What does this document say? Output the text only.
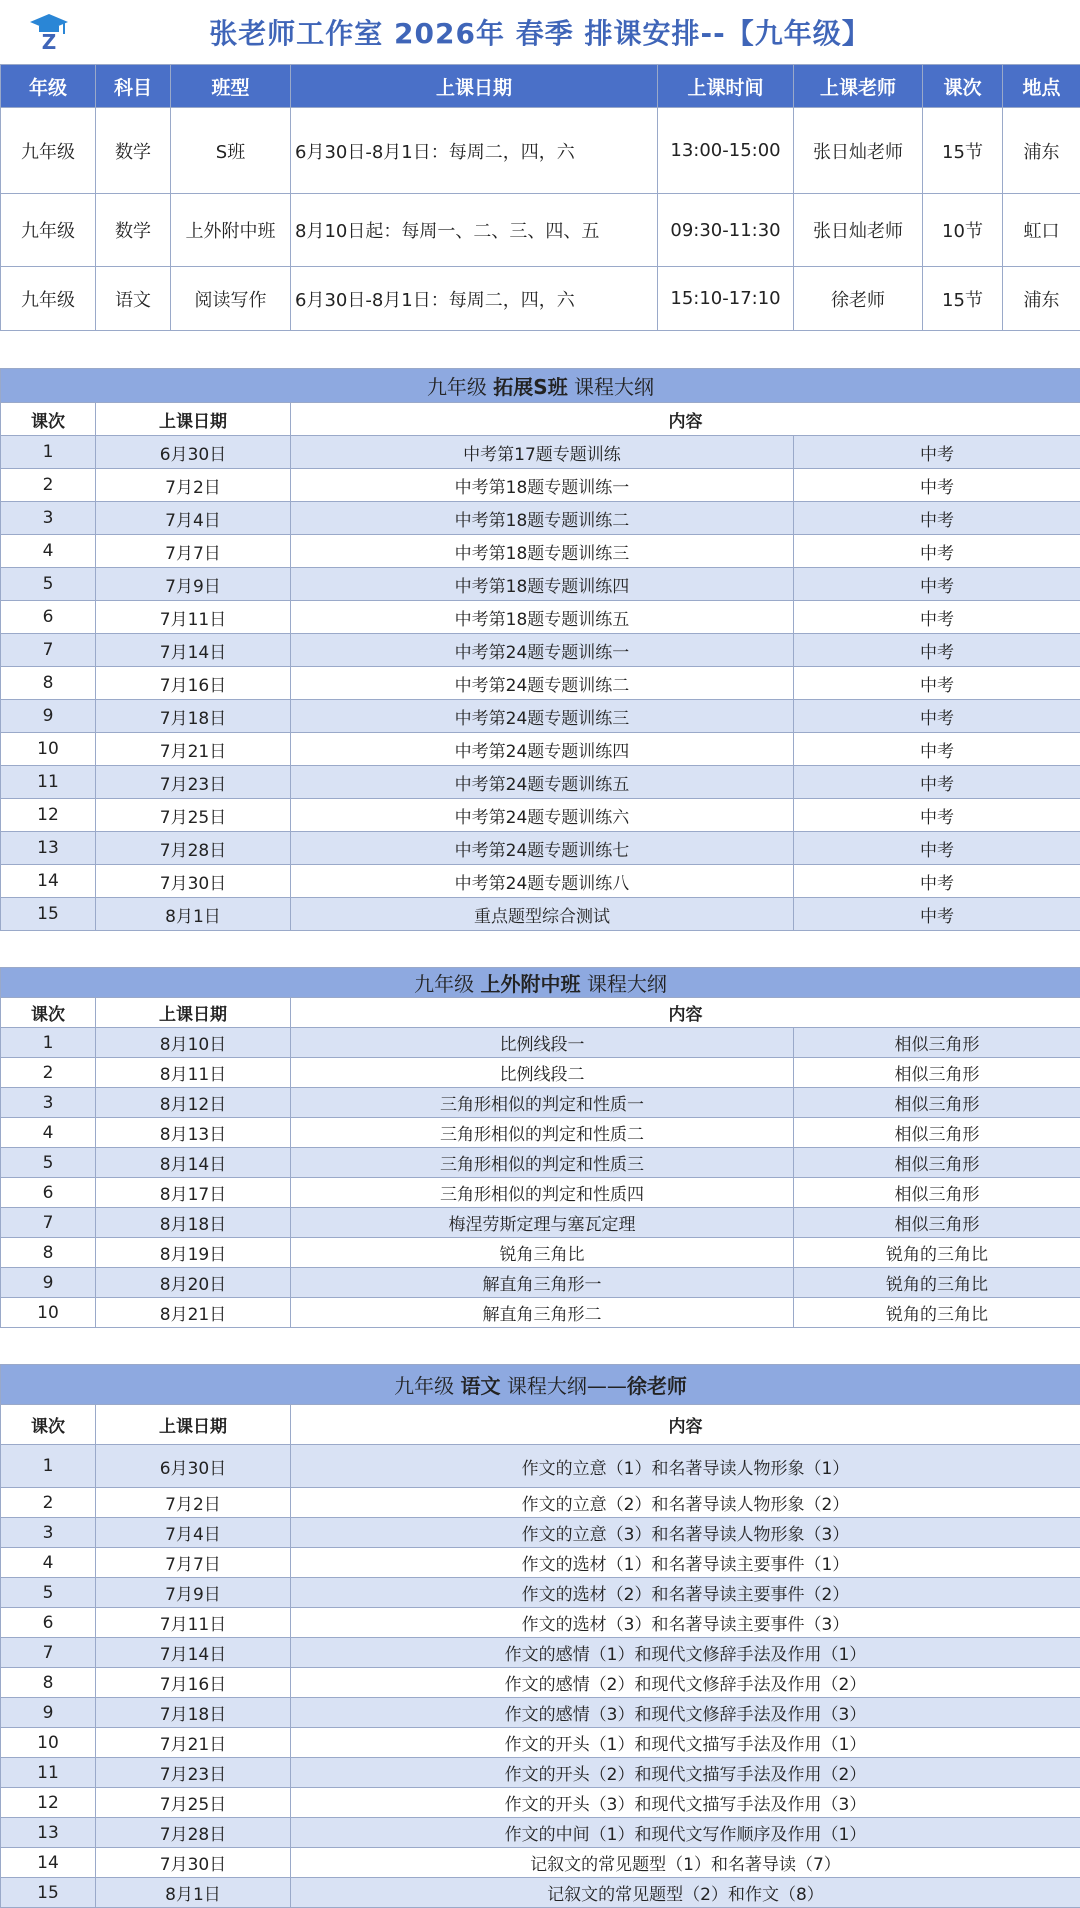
Z	张老师工作室 2026年 春季 排课安排--【九年级】
年级	科目	班型	上课日期	上课时间	上课老师	课次	地点
九年级	数学	S班	6月30日-8月1日：每周二，四，六	13:00-15:00	张日灿老师	15节	浦东
九年级	数学	上外附中班	8月10日起：每周一、二、三、四、五	09:30-11:30	张日灿老师	10节	虹口
九年级	语文	阅读写作	6月30日-8月1日：每周二，四，六	15:10-17:10	徐老师	15节	浦东
九年级 拓展S班 课程大纲			
课次	上课日期	内容	
1	6月30日	中考第17题专题训练	中考
2	7月2日	中考第18题专题训练一	中考
3	7月4日	中考第18题专题训练二	中考
4	7月7日	中考第18题专题训练三	中考
5	7月9日	中考第18题专题训练四	中考
6	7月11日	中考第18题专题训练五	中考
7	7月14日	中考第24题专题训练一	中考
8	7月16日	中考第24题专题训练二	中考
9	7月18日	中考第24题专题训练三	中考
10	7月21日	中考第24题专题训练四	中考
11	7月23日	中考第24题专题训练五	中考
12	7月25日	中考第24题专题训练六	中考
13	7月28日	中考第24题专题训练七	中考
14	7月30日	中考第24题专题训练八	中考
15	8月1日	重点题型综合测试	中考
九年级 上外附中班 课程大纲			
课次	上课日期	内容	
1	8月10日	比例线段一	相似三角形
2	8月11日	比例线段二	相似三角形
3	8月12日	三角形相似的判定和性质一	相似三角形
4	8月13日	三角形相似的判定和性质二	相似三角形
5	8月14日	三角形相似的判定和性质三	相似三角形
6	8月17日	三角形相似的判定和性质四	相似三角形
7	8月18日	梅涅劳斯定理与塞瓦定理	相似三角形
8	8月19日	锐角三角比	锐角的三角比
9	8月20日	解直角三角形一	锐角的三角比
10	8月21日	解直角三角形二	锐角的三角比
九年级 语文 课程大纲——徐老师		
课次	上课日期	内容
1	6月30日	作文的立意（1）和名著导读人物形象（1）
2	7月2日	作文的立意（2）和名著导读人物形象（2）
3	7月4日	作文的立意（3）和名著导读人物形象（3）
4	7月7日	作文的选材（1）和名著导读主要事件（1）
5	7月9日	作文的选材（2）和名著导读主要事件（2）
6	7月11日	作文的选材（3）和名著导读主要事件（3）
7	7月14日	作文的感情（1）和现代文修辞手法及作用（1）
8	7月16日	作文的感情（2）和现代文修辞手法及作用（2）
9	7月18日	作文的感情（3）和现代文修辞手法及作用（3）
10	7月21日	作文的开头（1）和现代文描写手法及作用（1）
11	7月23日	作文的开头（2）和现代文描写手法及作用（2）
12	7月25日	作文的开头（3）和现代文描写手法及作用（3）
13	7月28日	作文的中间（1）和现代文写作顺序及作用（1）
14	7月30日	记叙文的常见题型（1）和名著导读（7）
15	8月1日	记叙文的常见题型（2）和作文（8）
